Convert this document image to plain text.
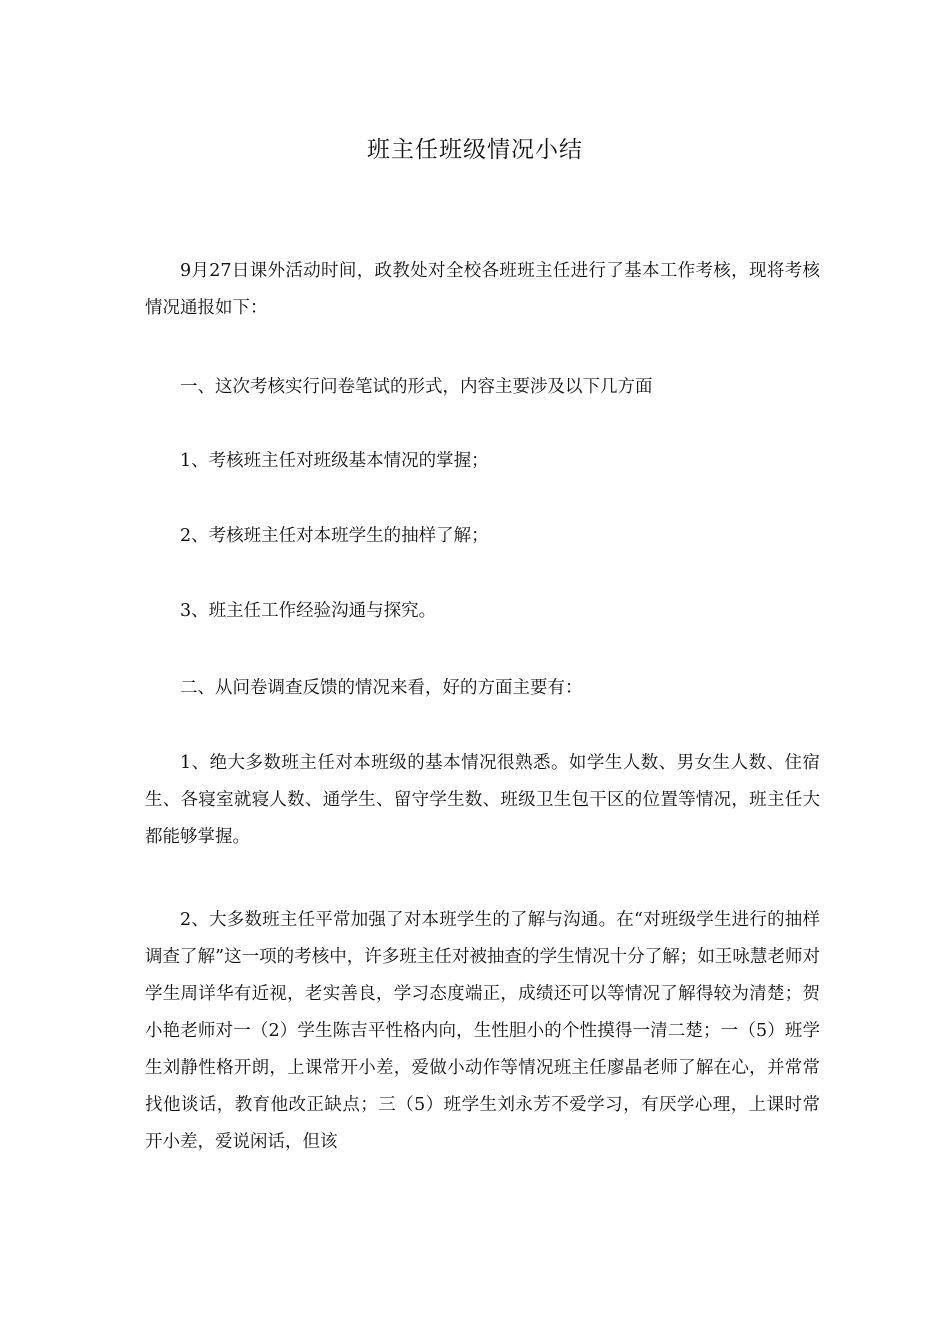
班主任班级情况小结

9月27日课外活动时间，政教处对全校各班班主任进行了基本工作考核，现将考核情况通报如下：

一、这次考核实行问卷笔试的形式，内容主要涉及以下几方面

1、考核班主任对班级基本情况的掌握；

2、考核班主任对本班学生的抽样了解；

3、班主任工作经验沟通与探究。

二、从问卷调查反馈的情况来看，好的方面主要有：

1、绝大多数班主任对本班级的基本情况很熟悉。如学生人数、男女生人数、住宿生、各寝室就寝人数、通学生、留守学生数、班级卫生包干区的位置等情况，班主任大都能够掌握。

2、大多数班主任平常加强了对本班学生的了解与沟通。在“对班级学生进行的抽样调查了解”这一项的考核中，许多班主任对被抽查的学生情况十分了解；如王咏慧老师对学生周详华有近视，老实善良，学习态度端正，成绩还可以等情况了解得较为清楚；贺小艳老师对一（2）学生陈吉平性格内向，生性胆小的个性摸得一清二楚；一（5）班学生刘静性格开朗，上课常开小差，爱做小动作等情况班主任廖晶老师了解在心，并常常找他谈话，教育他改正缺点；三（5）班学生刘永芳不爱学习，有厌学心理，上课时常开小差，爱说闲话，但该
